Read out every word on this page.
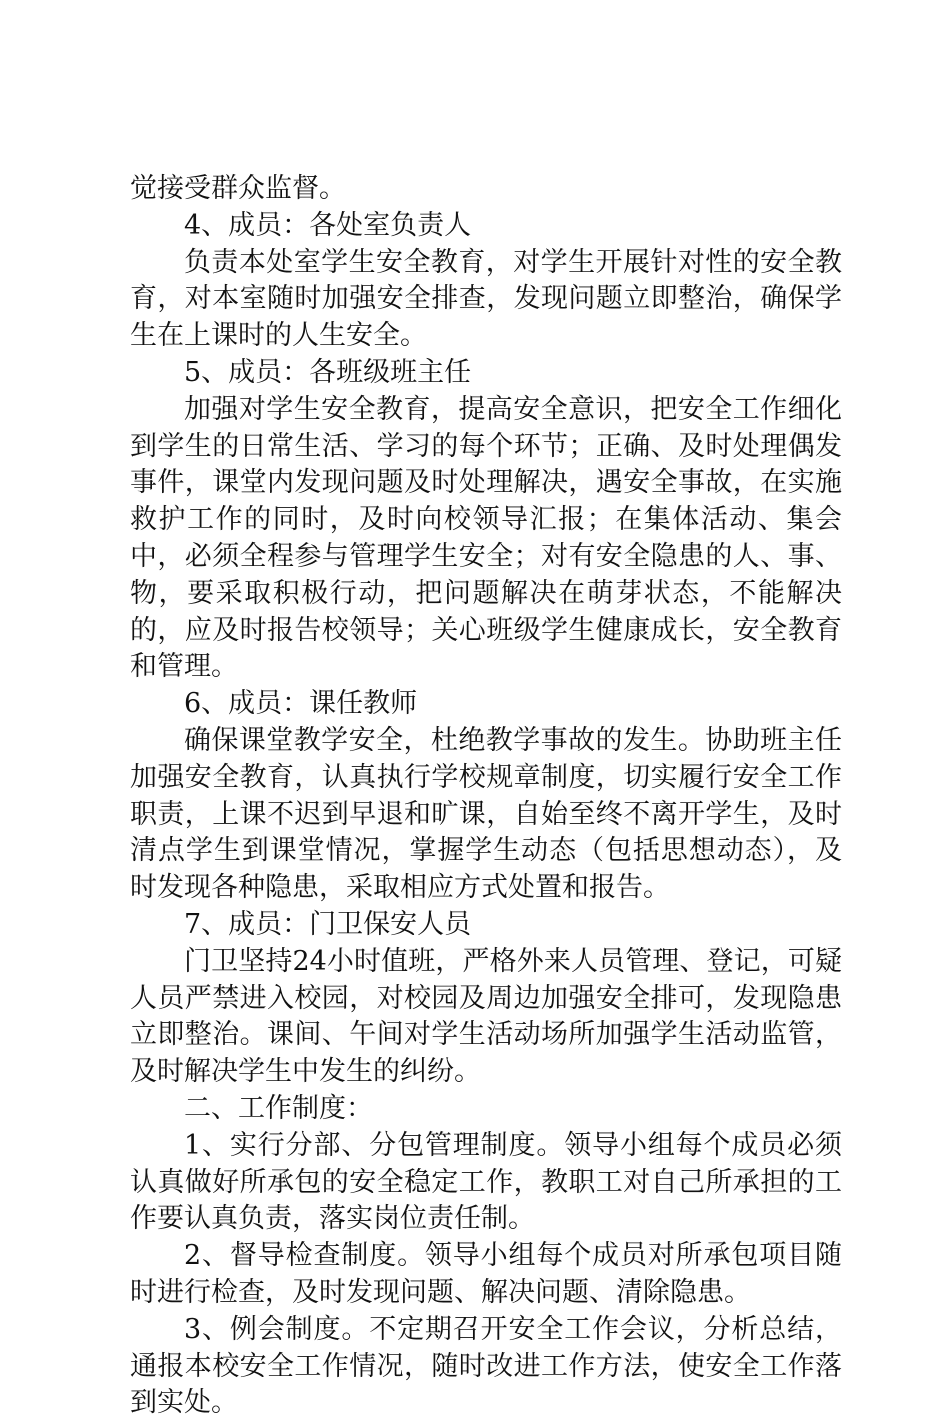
觉接受群众监督。

4、成员：各处室负责人

负责本处室学生安全教育，对学生开展针对性的安全教育，对本室随时加强安全排查，发现问题立即整治，确保学生在上课时的人生安全。

5、成员：各班级班主任

加强对学生安全教育，提高安全意识，把安全工作细化到学生的日常生活、学习的每个环节；正确、及时处理偶发事件，课堂内发现问题及时处理解决，遇安全事故，在实施救护工作的同时，及时向校领导汇报；在集体活动、集会中，必须全程参与管理学生安全；对有安全隐患的人、事、物，要采取积极行动，把问题解决在萌芽状态，不能解决的，应及时报告校领导；关心班级学生健康成长，安全教育和管理。

6、成员：课任教师

确保课堂教学安全，杜绝教学事故的发生。协助班主任加强安全教育，认真执行学校规章制度，切实履行安全工作职责，上课不迟到早退和旷课，自始至终不离开学生，及时清点学生到课堂情况，掌握学生动态（包括思想动态），及时发现各种隐患，采取相应方式处置和报告。

7、成员：门卫保安人员

门卫坚持24小时值班，严格外来人员管理、登记，可疑人员严禁进入校园，对校园及周边加强安全排可，发现隐患立即整治。课间、午间对学生活动场所加强学生活动监管，及时解决学生中发生的纠纷。

二、工作制度：

1、实行分部、分包管理制度。领导小组每个成员必须认真做好所承包的安全稳定工作，教职工对自己所承担的工作要认真负责，落实岗位责任制。

2、督导检查制度。领导小组每个成员对所承包项目随时进行检查，及时发现问题、解决问题、清除隐患。

3、例会制度。不定期召开安全工作会议，分析总结，通报本校安全工作情况，随时改进工作方法，使安全工作落到实处。
